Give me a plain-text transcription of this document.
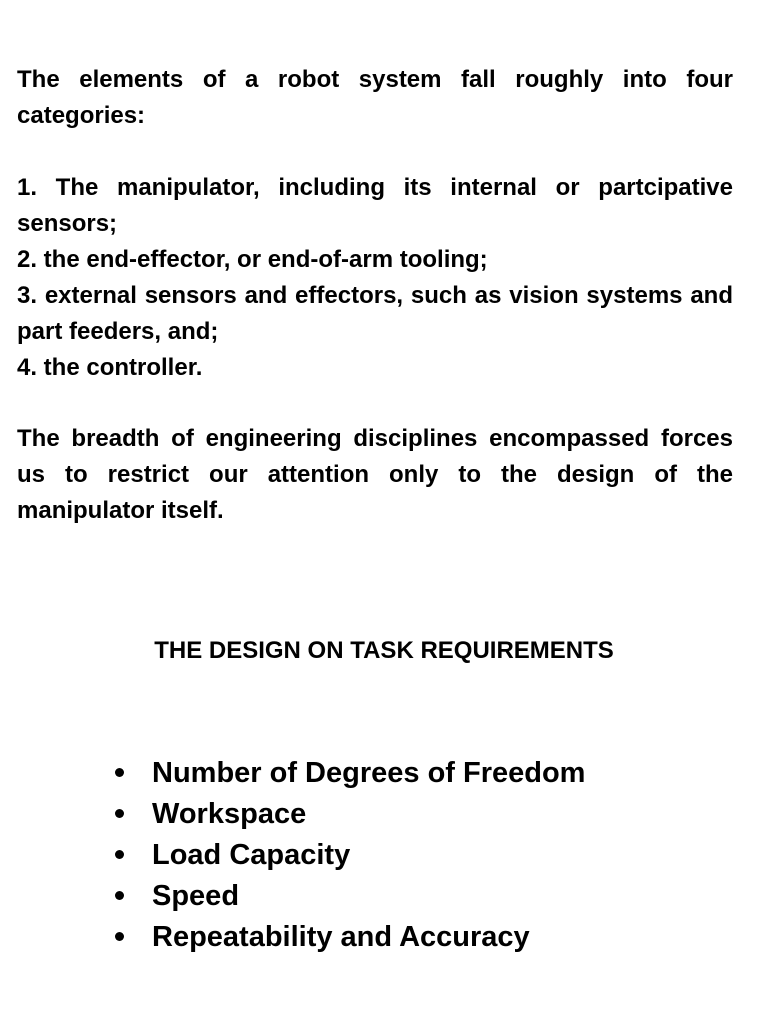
The elements of a robot system fall roughly into four categories:

1. The manipulator, including its internal or partcipative sensors;
2. the end-effector, or end-of-arm tooling;
3. external sensors and effectors, such as vision systems and part feeders, and;
4. the controller.

The breadth of engineering disciplines encompassed forces us to restrict our attention only to the design of the manipulator itself.

THE DESIGN ON TASK REQUIREMENTS
Number of Degrees of Freedom
Workspace
Load Capacity
Speed
Repeatability and Accuracy
